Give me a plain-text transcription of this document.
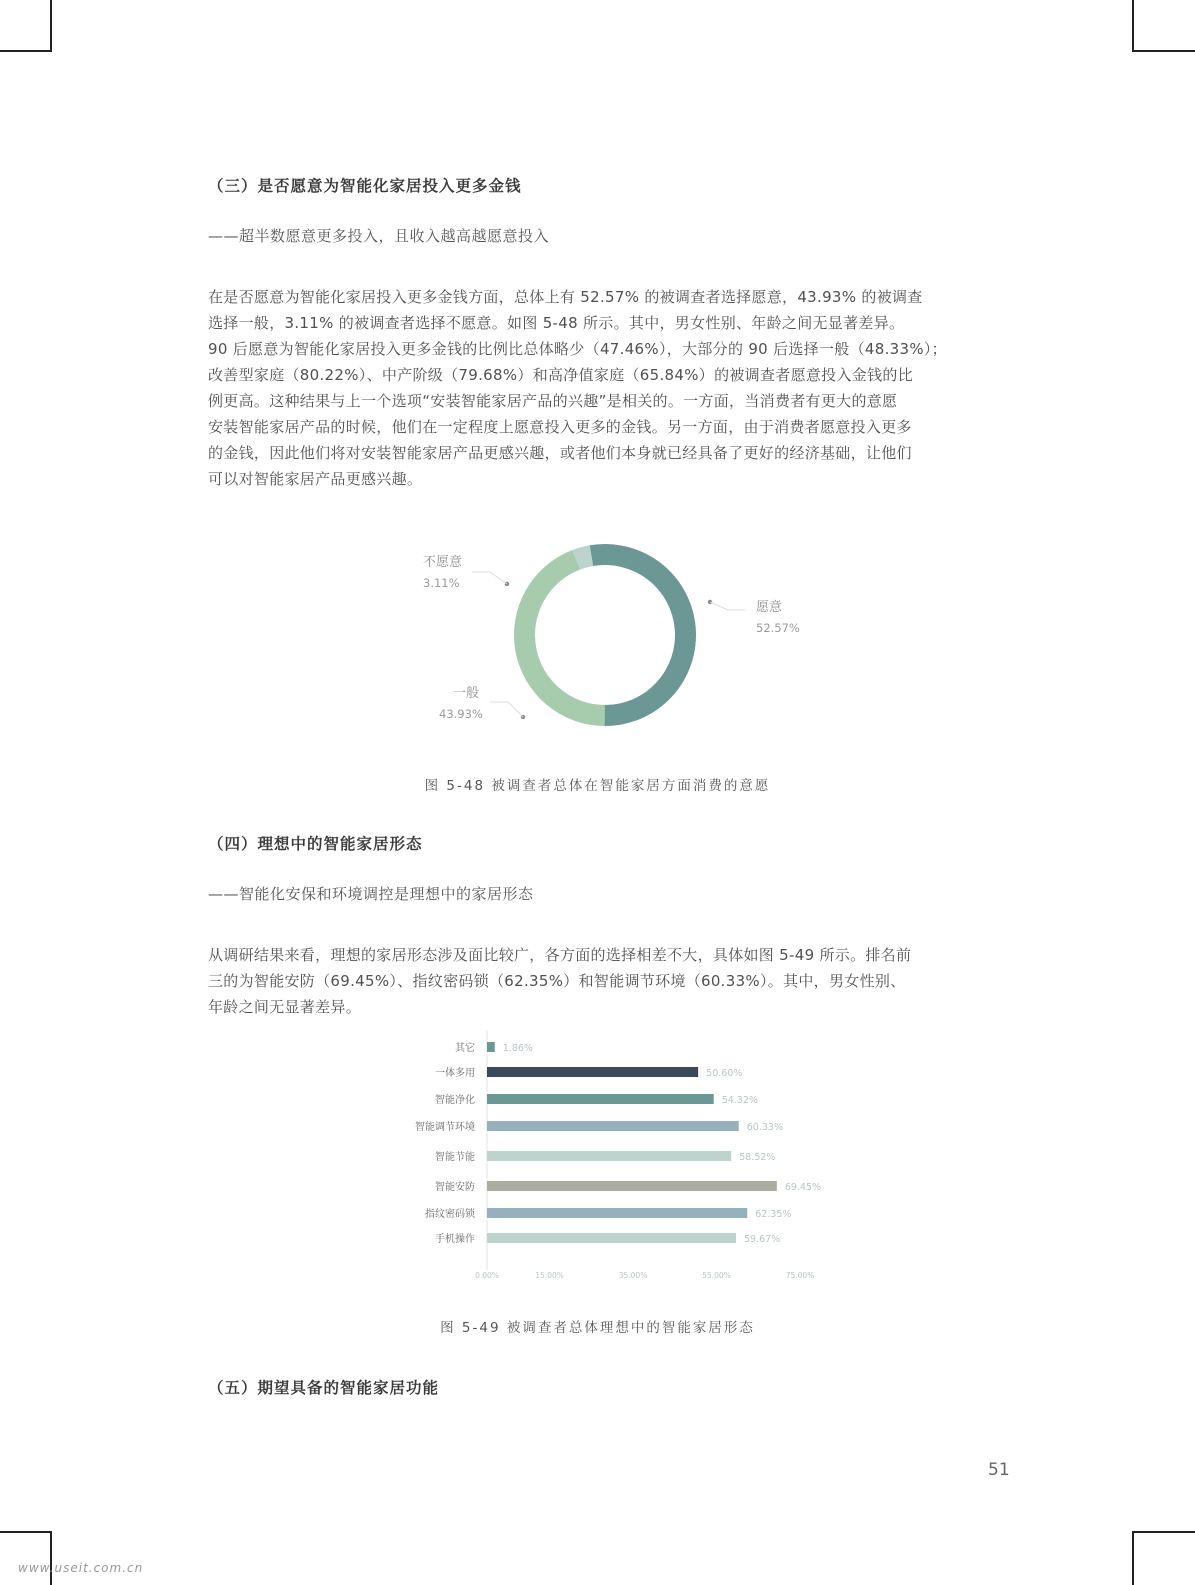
（三）是否愿意为智能化家居投入更多金钱
——超半数愿意更多投入，且收入越高越愿意投入
在是否愿意为智能化家居投入更多金钱方面，总体上有 52.57% 的被调查者选择愿意，43.93% 的被调查
选择一般，3.11% 的被调查者选择不愿意。如图 5-48 所示。其中，男女性别、年龄之间无显著差异。
90 后愿意为智能化家居投入更多金钱的比例比总体略少（47.46%），大部分的 90 后选择一般（48.33%）；
改善型家庭（80.22%）、中产阶级（79.68%）和高净值家庭（65.84%）的被调查者愿意投入金钱的比
例更高。这种结果与上一个选项“安装智能家居产品的兴趣”是相关的。一方面，当消费者有更大的意愿
安装智能家居产品的时候，他们在一定程度上愿意投入更多的金钱。另一方面，由于消费者愿意投入更多
的金钱，因此他们将对安装智能家居产品更感兴趣，或者他们本身就已经具备了更好的经济基础，让他们
可以对智能家居产品更感兴趣。
愿意
52.57%
一般
43.93%
不愿意
3.11%
图 5-48 被调查者总体在智能家居方面消费的意愿
（四）理想中的智能家居形态
——智能化安保和环境调控是理想中的家居形态
从调研结果来看，理想的家居形态涉及面比较广，各方面的选择相差不大，具体如图 5-49 所示。排名前
三的为智能安防（69.45%）、指纹密码锁（62.35%）和智能调节环境（60.33%）。其中，男女性别、
年龄之间无显著差异。
其它	1.86%
一体多用	50.60%
智能净化	54.32%
智能调节环境	60.33%
智能节能	58.52%
智能安防	69.45%
指纹密码锁	62.35%
手机操作	59.67%
0.00%	15.00%	35.00%	55.00%	75.00%
图 5-49 被调查者总体理想中的智能家居形态
（五）期望具备的智能家居功能
51
www.useit.com.cn
